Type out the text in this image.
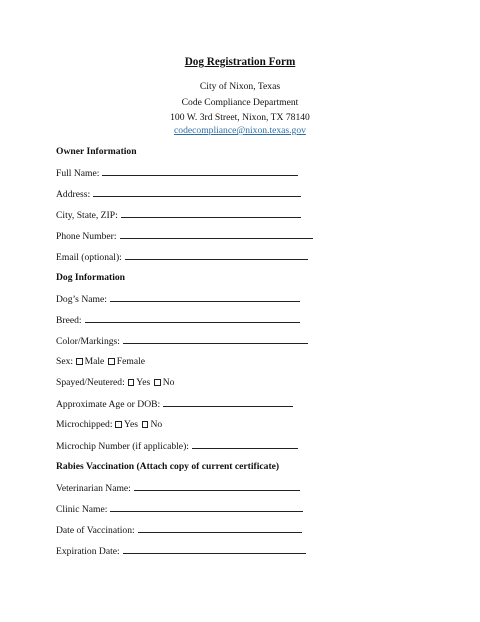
Dog Registration Form
City of Nixon, Texas
Code Compliance Department
100 W. 3rd Street, Nixon, TX 78140
codecompliance@nixon.texas.gov
Owner Information
Full Name:
Address:
City, State, ZIP:
Phone Number:
Email (optional):
Dog Information
Dog’s Name:
Breed:
Color/Markings:
Sex: Male Female
Spayed/Neutered: Yes No
Approximate Age or DOB:
Microchipped: Yes No
Microchip Number (if applicable):
Rabies Vaccination (Attach copy of current certificate)
Veterinarian Name:
Clinic Name:
Date of Vaccination:
Expiration Date:
